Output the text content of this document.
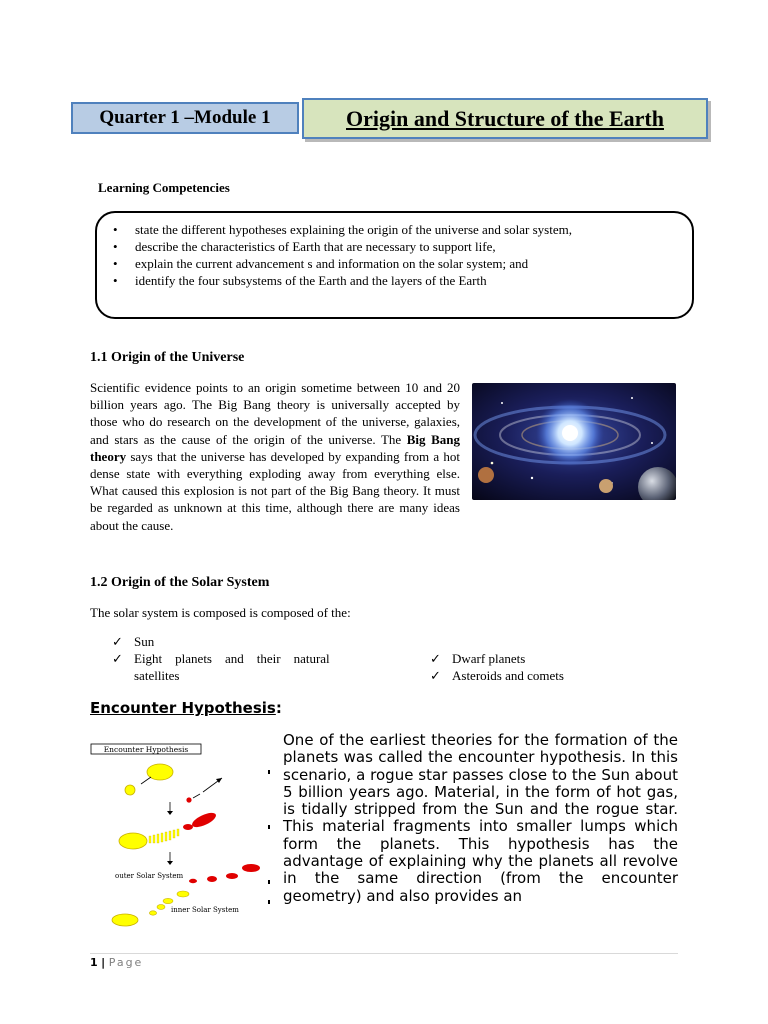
Quarter 1 –Module 1	Origin and Structure of the Earth
Learning Competencies
• state the different hypotheses explaining the origin of the universe and solar system,
• describe the characteristics of Earth that are necessary to support life,
• explain the current advancement s and information on the solar system; and
• identify the four subsystems of the Earth and the layers of the Earth
1.1 Origin of the Universe
Scientific evidence points to an origin sometime between 10 and 20 billion years ago. The Big Bang theory is universally accepted by those who do research on the development of the universe, galaxies, and stars as the cause of the origin of the universe. The Big Bang theory says that the universe has developed by expanding from a hot dense state with everything exploding away from everything else. What caused this explosion is not part of the Big Bang theory. It must be regarded as unknown at this time, although there are many ideas about the cause.
1.2 Origin of the Solar System
The solar system is composed is composed of the:
✓ Sun
✓ Eight    planets    and    their    natural
satellites
✓ Dwarf planets
✓ Asteroids and comets
Encounter Hypothesis:
Encounter Hypothesis
outer Solar System
inner Solar System
One of the earliest theories for the formation of the planets was called the encounter hypothesis. In this scenario, a rogue star passes close to the Sun about 5 billion years ago. Material, in the form of hot gas, is tidally stripped from the Sun and the rogue star. This material fragments into smaller lumps which form the planets. This hypothesis has the advantage of explaining why the planets all revolve in the same direction (from the encounter geometry) and also provides an
1 | Page
